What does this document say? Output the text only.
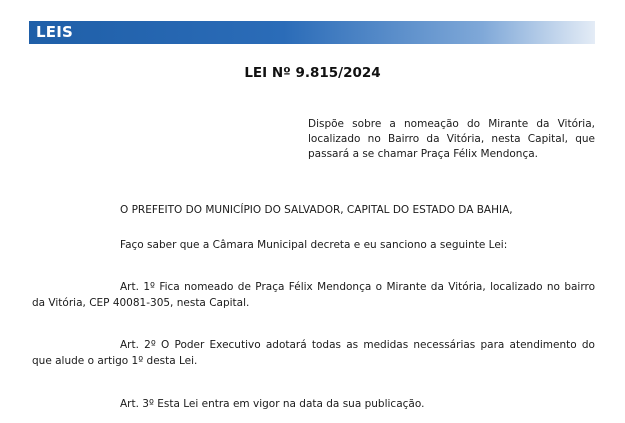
LEIS
LEI Nº 9.815/2024
Dispõe sobre a nomeação do Mirante da Vitória, localizado no Bairro da Vitória, nesta Capital, que passará a se chamar Praça Félix Mendonça.

O PREFEITO DO MUNICÍPIO DO SALVADOR, CAPITAL DO ESTADO DA BAHIA,

Faço saber que a Câmara Municipal decreta e eu sanciono a seguinte Lei:

Art. 1º Fica nomeado de Praça Félix Mendonça o Mirante da Vitória, localizado no bairro da Vitória, CEP 40081-305, nesta Capital.

Art. 2º O Poder Executivo adotará todas as medidas necessárias para atendimento do que alude o artigo 1º desta Lei.

Art. 3º Esta Lei entra em vigor na data da sua publicação.
